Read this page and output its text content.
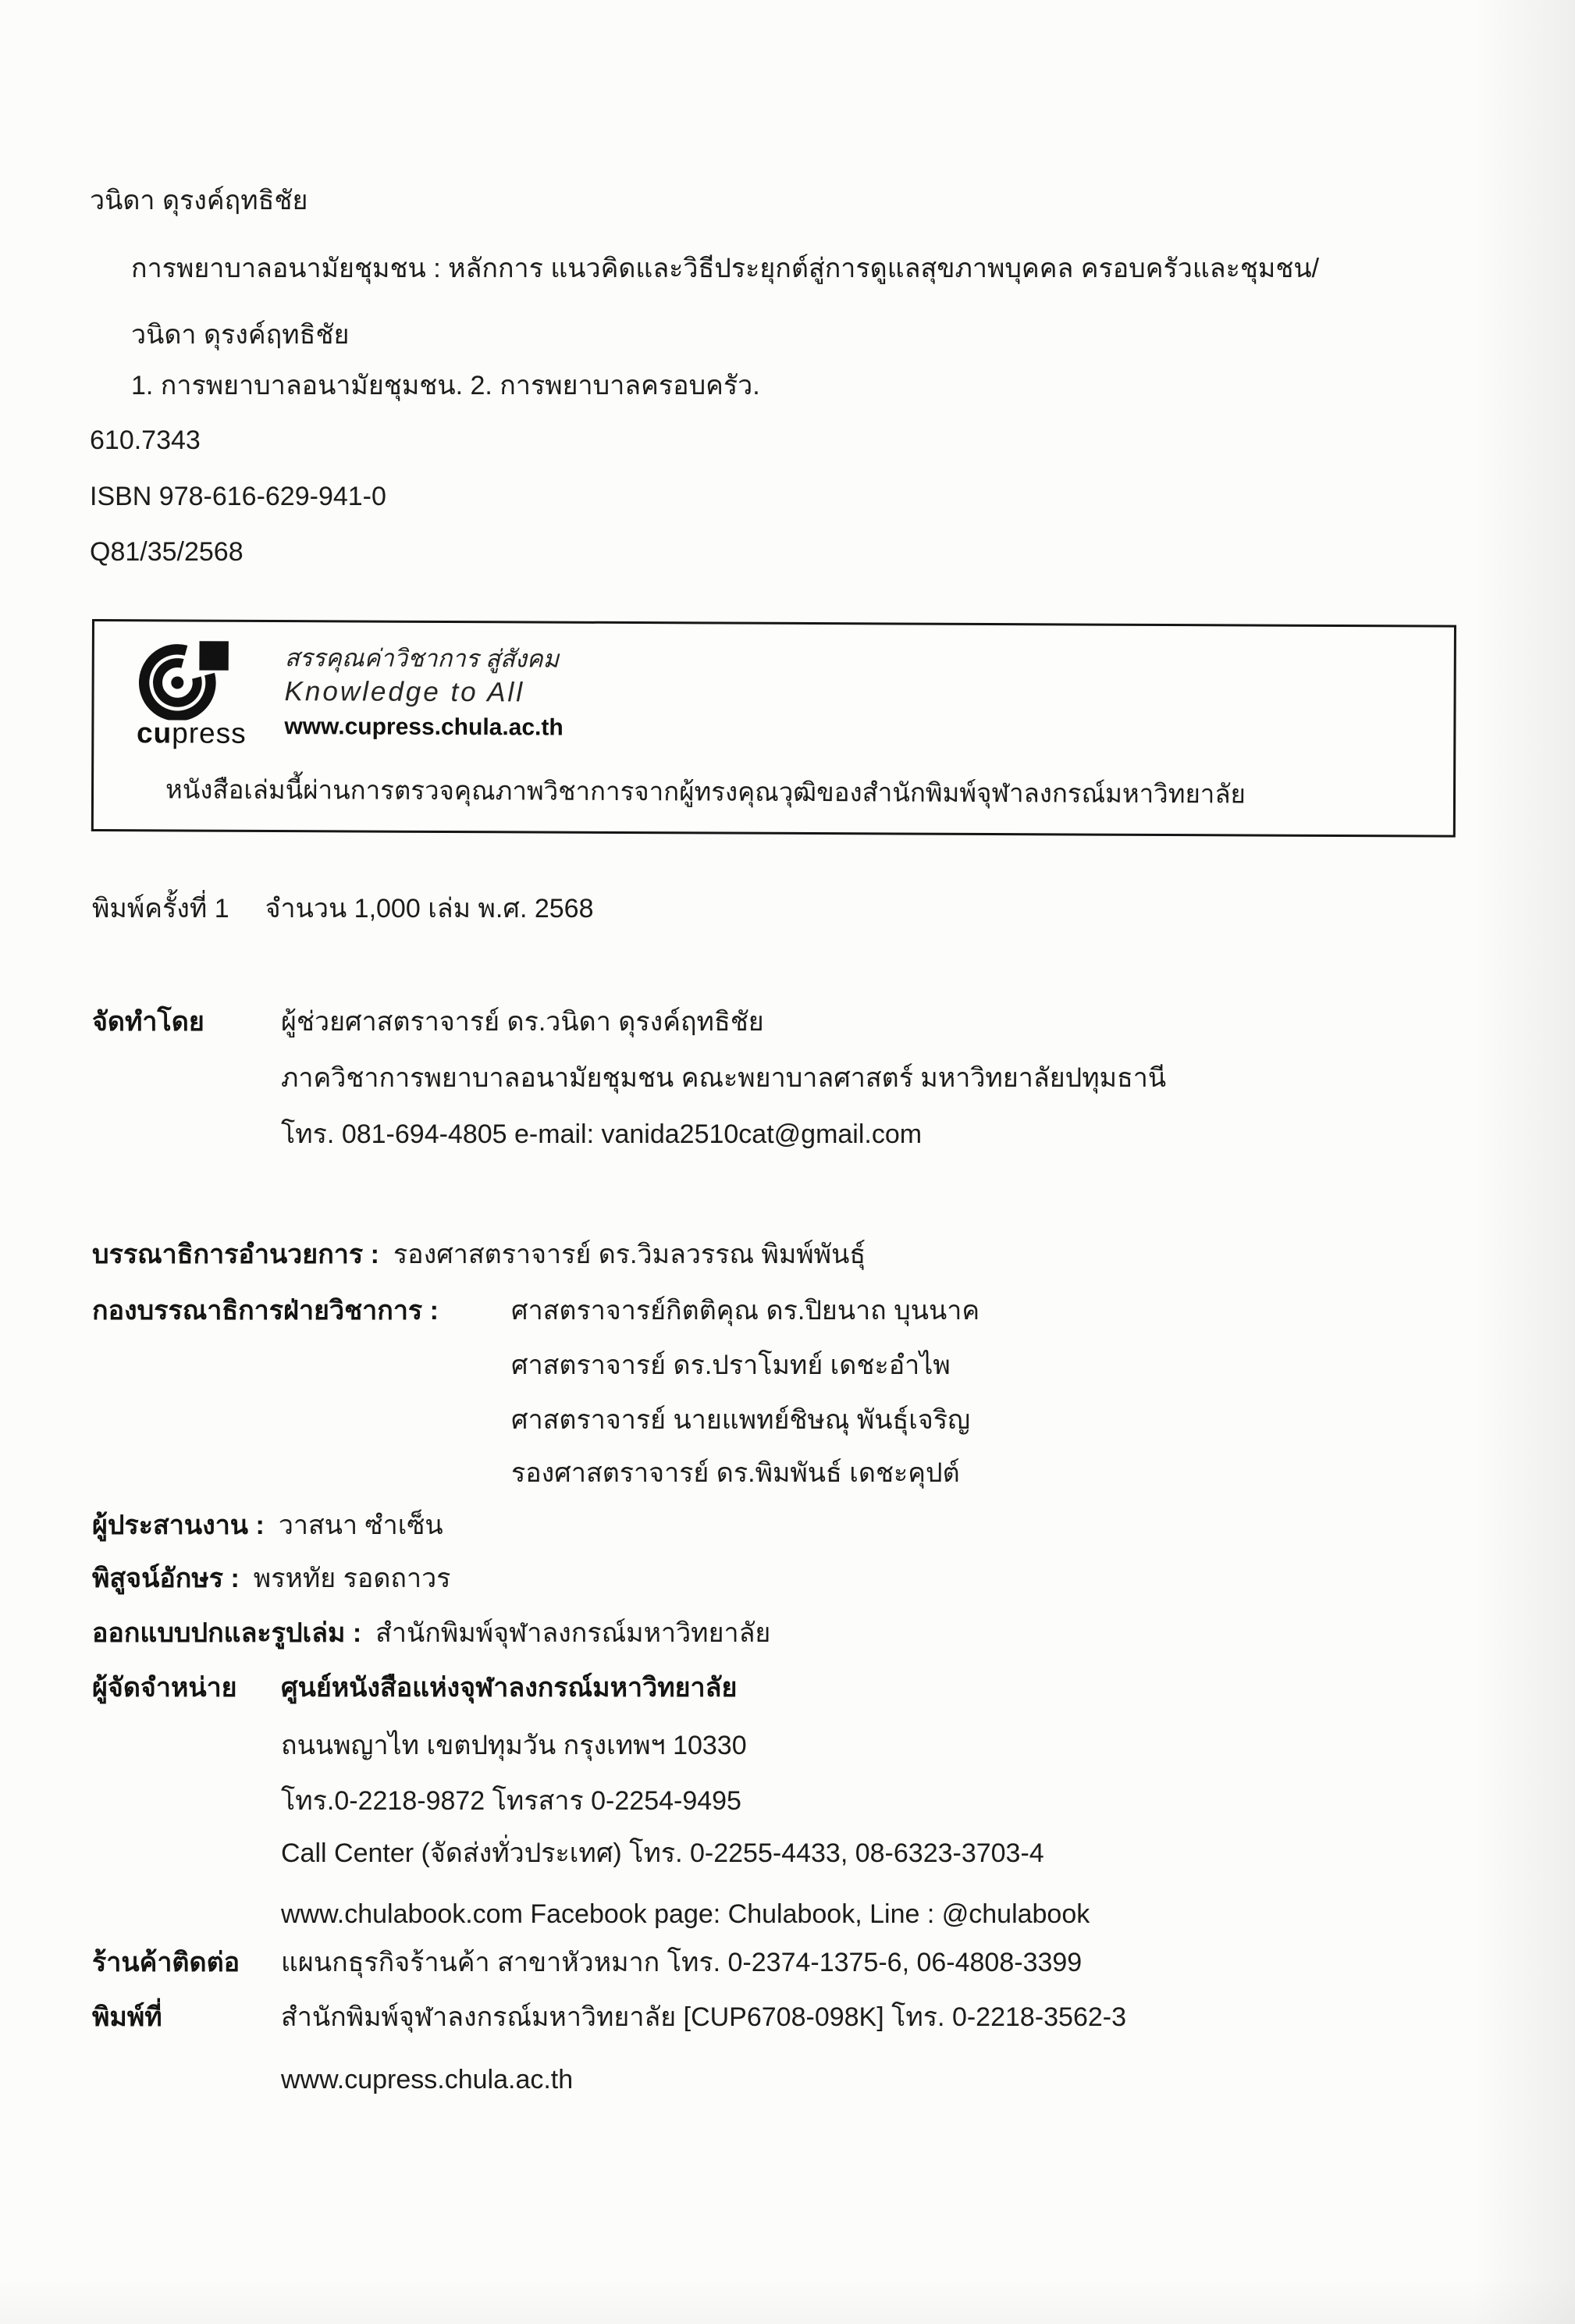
วนิดา ดุรงค์ฤทธิชัย
การพยาบาลอนามัยชุมชน : หลักการ แนวคิดและวิธีประยุกต์สู่การดูแลสุขภาพบุคคล ครอบครัวและชุมชน/
วนิดา ดุรงค์ฤทธิชัย
1. การพยาบาลอนามัยชุมชน. 2. การพยาบาลครอบครัว.
610.7343
ISBN 978-616-629-941-0
Q81/35/2568
cupress
สรรคุณค่าวิชาการ สู่สังคม
Knowledge to All
www.cupress.chula.ac.th
หนังสือเล่มนี้ผ่านการตรวจคุณภาพวิชาการจากผู้ทรงคุณวุฒิของสำนักพิมพ์จุฬาลงกรณ์มหาวิทยาลัย
พิมพ์ครั้งที่ 1 จำนวน 1,000 เล่ม พ.ศ. 2568
จัดทำโดย	ผู้ช่วยศาสตราจารย์ ดร.วนิดา ดุรงค์ฤทธิชัย
ภาควิชาการพยาบาลอนามัยชุมชน คณะพยาบาลศาสตร์ มหาวิทยาลัยปทุมธานี
โทร. 081-694-4805 e-mail: vanida2510cat@gmail.com
บรรณาธิการอำนวยการ : รองศาสตราจารย์ ดร.วิมลวรรณ พิมพ์พันธุ์
กองบรรณาธิการฝ่ายวิชาการ :	ศาสตราจารย์กิตติคุณ ดร.ปิยนาถ บุนนาค
ศาสตราจารย์ ดร.ปราโมทย์ เดชะอำไพ
ศาสตราจารย์ นายแพทย์ชิษณุ พันธุ์เจริญ
รองศาสตราจารย์ ดร.พิมพันธ์ เดชะคุปต์
ผู้ประสานงาน : วาสนา ซำเซ็น
พิสูจน์อักษร : พรหทัย รอดถาวร
ออกแบบปกและรูปเล่ม : สำนักพิมพ์จุฬาลงกรณ์มหาวิทยาลัย
ผู้จัดจำหน่าย ศูนย์หนังสือแห่งจุฬาลงกรณ์มหาวิทยาลัย
ถนนพญาไท เขตปทุมวัน กรุงเทพฯ 10330
โทร.0-2218-9872 โทรสาร 0-2254-9495
Call Center (จัดส่งทั่วประเทศ) โทร. 0-2255-4433, 08-6323-3703-4
www.chulabook.com Facebook page: Chulabook, Line : @chulabook
ร้านค้าติดต่อ แผนกธุรกิจร้านค้า สาขาหัวหมาก โทร. 0-2374-1375-6, 06-4808-3399
พิมพ์ที่	สำนักพิมพ์จุฬาลงกรณ์มหาวิทยาลัย [CUP6708-098K] โทร. 0-2218-3562-3
www.cupress.chula.ac.th
